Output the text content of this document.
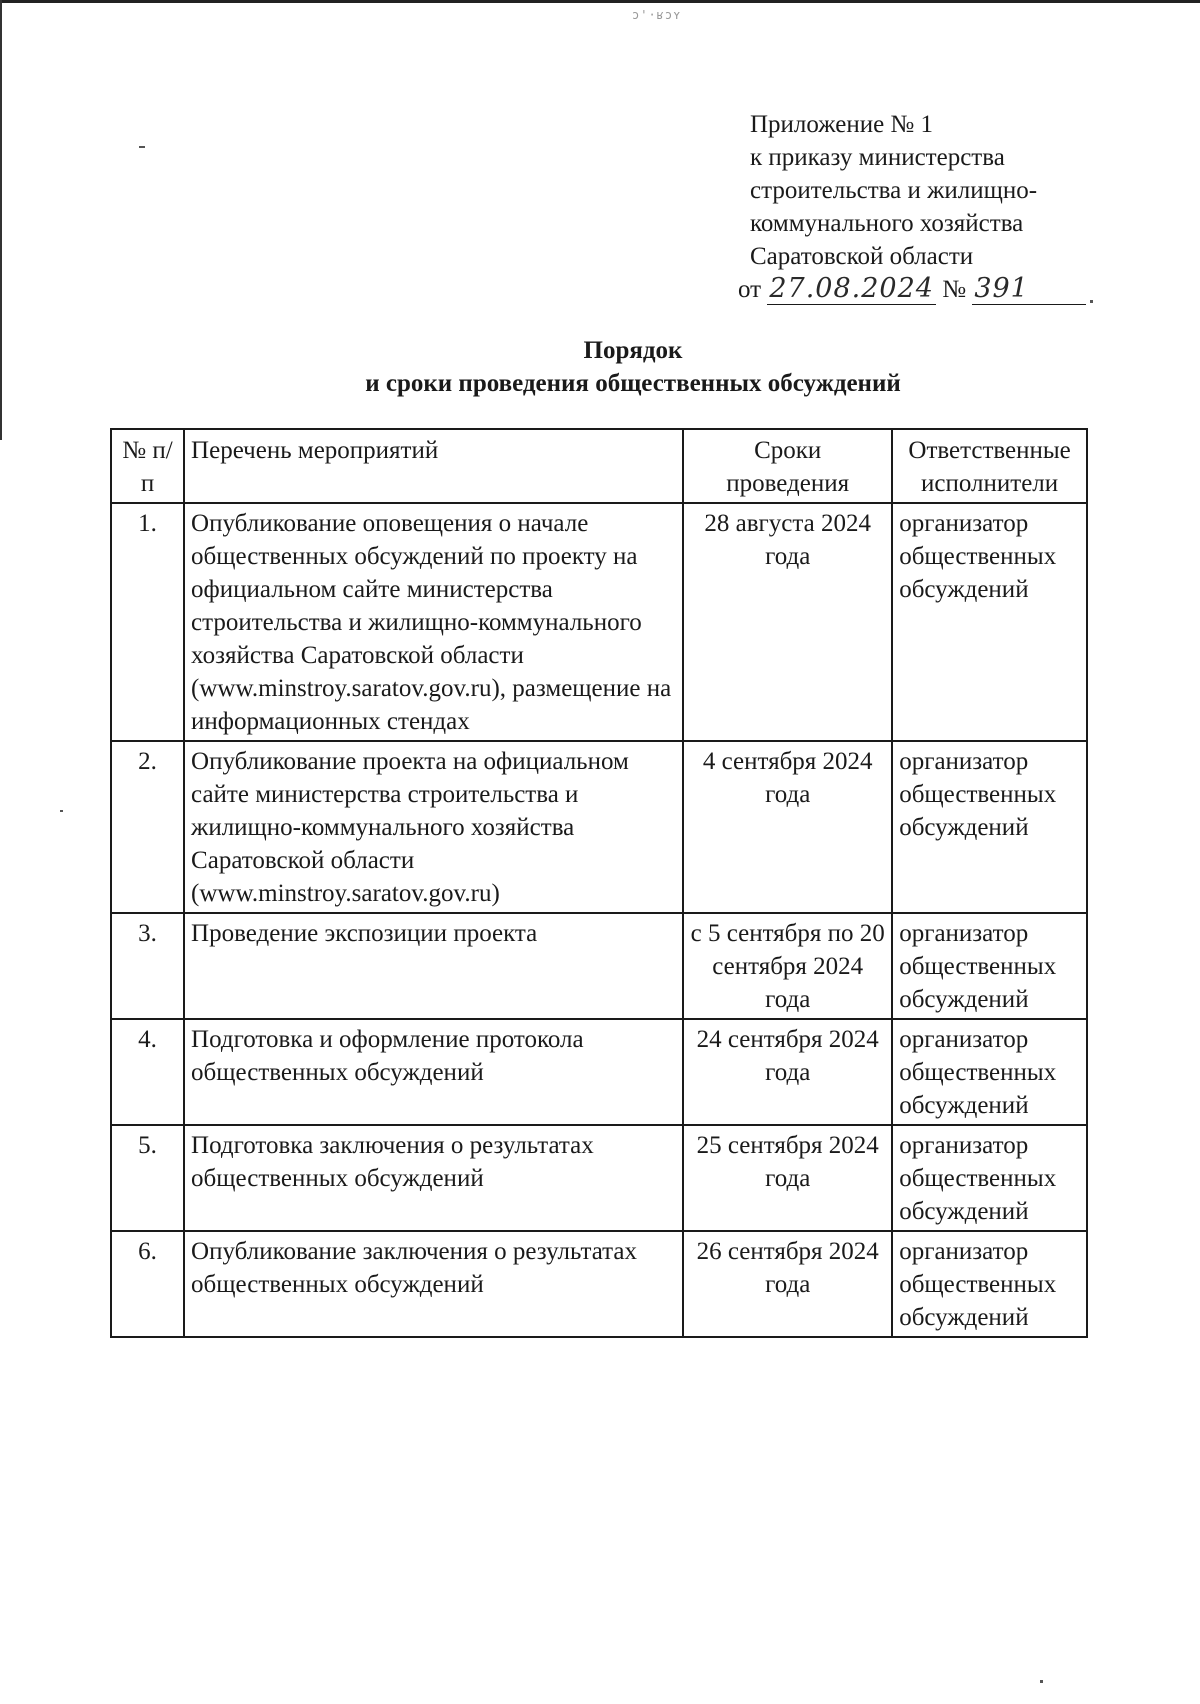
ɔ'·ʁɔʏ
Приложение № 1
к приказу министерства
строительства и жилищно-
коммунального хозяйства
Саратовской области
от 27.08.2024 № 391
Порядок
и сроки проведения общественных обсуждений
№ п/п	Перечень мероприятий	Сроки проведения	Ответственные исполнители
1.	Опубликование оповещения о начале общественных обсуждений по проекту на официальном сайте министерства строительства и жилищно-коммунального хозяйства Саратовской области (www.minstroy.saratov.gov.ru), размещение на информационных стендах	28 августа 2024 года	организатор общественных обсуждений
2.	Опубликование проекта на официальном сайте министерства строительства и жилищно-коммунального хозяйства Саратовской области (www.minstroy.saratov.gov.ru)	4 сентября 2024 года	организатор общественных обсуждений
3.	Проведение экспозиции проекта	с 5 сентября по 20 сентября 2024 года	организатор общественных обсуждений
4.	Подготовка и оформление протокола общественных обсуждений	24 сентября 2024 года	организатор общественных обсуждений
5.	Подготовка заключения о результатах общественных обсуждений	25 сентября 2024 года	организатор общественных обсуждений
6.	Опубликование заключения о результатах общественных обсуждений	26 сентября 2024 года	организатор общественных обсуждений
